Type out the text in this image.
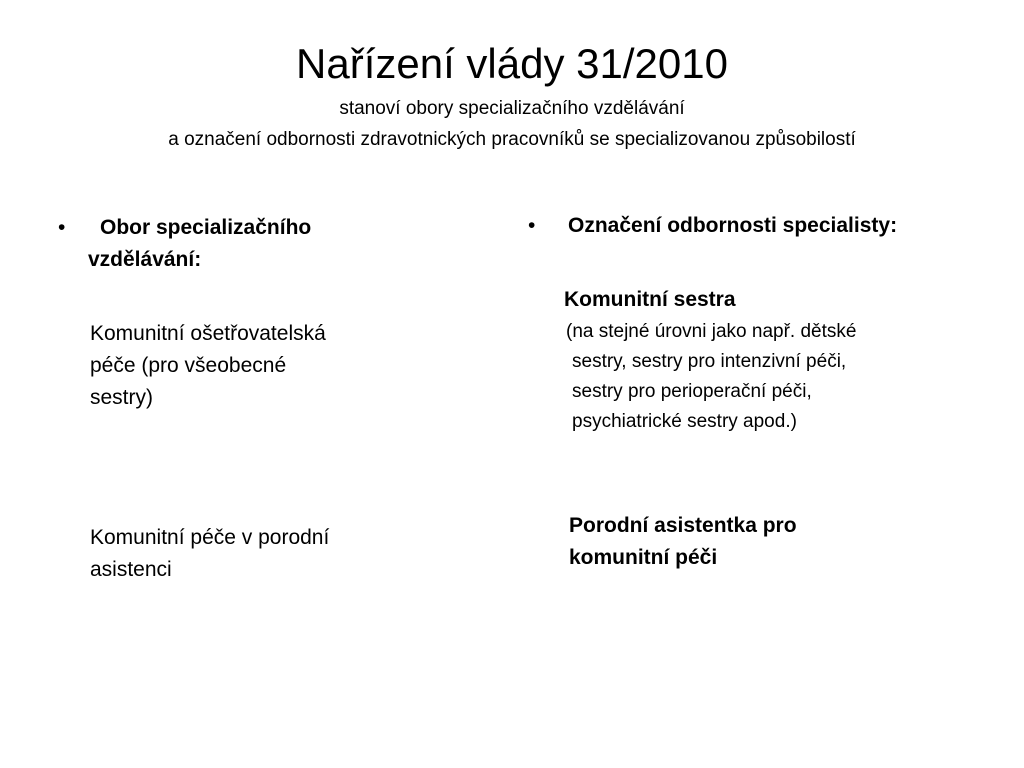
Nařízení vlády 31/2010

stanoví obory specializačního vzdělávání

a označení odbornosti zdravotnických pracovníků se specializovanou způsobilostí

•	Obor specializačního
vzdělávání:

Komunitní ošetřovatelská
péče (pro všeobecné
sestry)

Komunitní péče v porodní
asistenci

•	Označení odbornosti specialisty:

Komunitní sestra

(na stejné úrovni jako např. dětské
sestry, sestry pro intenzivní péči,
sestry pro perioperační péči,
psychiatrické sestry apod.)

Porodní asistentka pro
komunitní péči
